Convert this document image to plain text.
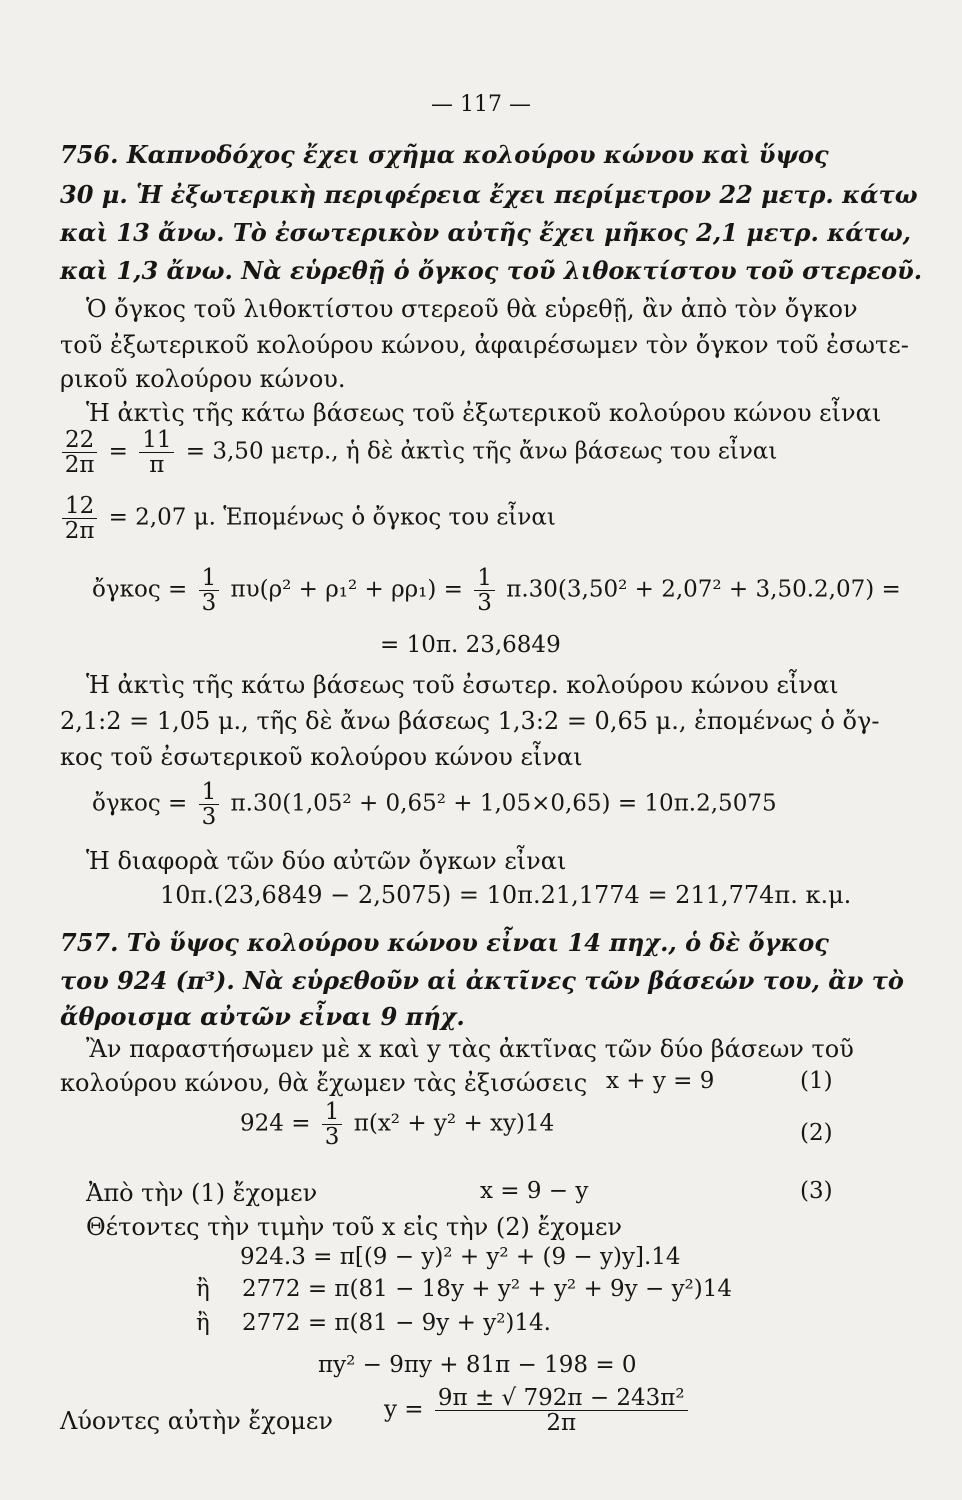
— 117 —
756. Καπνοδόχος ἔχει σχῆμα κολούρου κώνου καὶ ὕψος
30 μ. Ἡ ἐξωτερικὴ περιφέρεια ἔχει περίμετρον 22 μετρ. κάτω
καὶ 13 ἄνω. Τὸ ἐσωτερικὸν αὐτῆς ἔχει μῆκος 2,1 μετρ. κάτω,
καὶ 1,3 ἄνω. Νὰ εὑρεθῇ ὁ ὄγκος τοῦ λιθοκτίστου τοῦ στερεοῦ.
Ὁ ὄγκος τοῦ λιθοκτίστου στερεοῦ θὰ εὑρεθῇ, ἂν ἀπὸ τὸν ὄγκον
τοῦ ἐξωτερικοῦ κολούρου κώνου, ἀφαιρέσωμεν τὸν ὄγκον τοῦ ἐσωτε-
ρικοῦ κολούρου κώνου.
Ἡ ἀκτὶς τῆς κάτω βάσεως τοῦ ἐξωτερικοῦ κολούρου κώνου εἶναι
$\frac{22}{2\pi} = \frac{11}{\pi} = 3,50$ μετρ., ἡ δὲ ἀκτὶς τῆς ἄνω βάσεως του εἶναι
$\frac{12}{2\pi} = 2,07$ μ. Ἑπομένως ὁ ὄγκος του εἶναι
ὄγκος = $\frac{1}{3} \pi\upsilon(\rho^2 + \rho_1^2 + \rho\rho_1) = \frac{1}{3} \pi.30(3,50^2 + 2,07^2 + 3,50.2,07)$ =
= 10π. 23,6849
Ἡ ἀκτὶς τῆς κάτω βάσεως τοῦ ἐσωτερ. κολούρου κώνου εἶναι
2,1:2 = 1,05 μ., τῆς δὲ ἄνω βάσεως 1,3:2 = 0,65 μ., ἐπομένως ὁ ὄγ-
κος τοῦ ἐσωτερικοῦ κολούρου κώνου εἶναι
ὄγκος = $\frac{1}{3} \pi.30(1,05^2 + 0,65^2 + 1,05\times 0,65) = 10\pi.2,5075$
Ἡ διαφορὰ τῶν δύο αὐτῶν ὄγκων εἶναι
10π.(23,6849 − 2,5075) = 10π.21,1774 = 211,774π. κ.μ.
757. Τὸ ὕψος κολούρου κώνου εἶναι 14 πηχ., ὁ δὲ ὄγκος
του 924 (π³). Νὰ εὑρεθοῦν αἱ ἀκτῖνες τῶν βάσεών του, ἂν τὸ
ἄθροισμα αὐτῶν εἶναι 9 πήχ.
Ἂν παραστήσωμεν μὲ x καὶ y τὰς ἀκτῖνας τῶν δύο βάσεων τοῦ
κολούρου κώνου, θὰ ἔχωμεν τὰς ἐξισώσεις x + y = 9	(1)
$924 = \frac{1}{3} \pi(x^2 + y^2 + xy)14$	(2)
Ἀπὸ τὴν (1) ἔχομεν	x = 9 − y	(3)
Θέτοντες τὴν τιμὴν τοῦ x εἰς τὴν (2) ἔχομεν
924.3 = π[(9 − y)² + y² + (9 − y)y].14
ἢ 2772 = π(81 − 18y + y² + y² + 9y − y²)14
ἢ 2772 = π(81 − 9y + y²)14.
πy² − 9πy + 81π − 198 = 0
Λύοντες αὐτὴν ἔχομεν	$y = \frac{\text{9π ± √ 792π − 243π²}}{2\pi}$
